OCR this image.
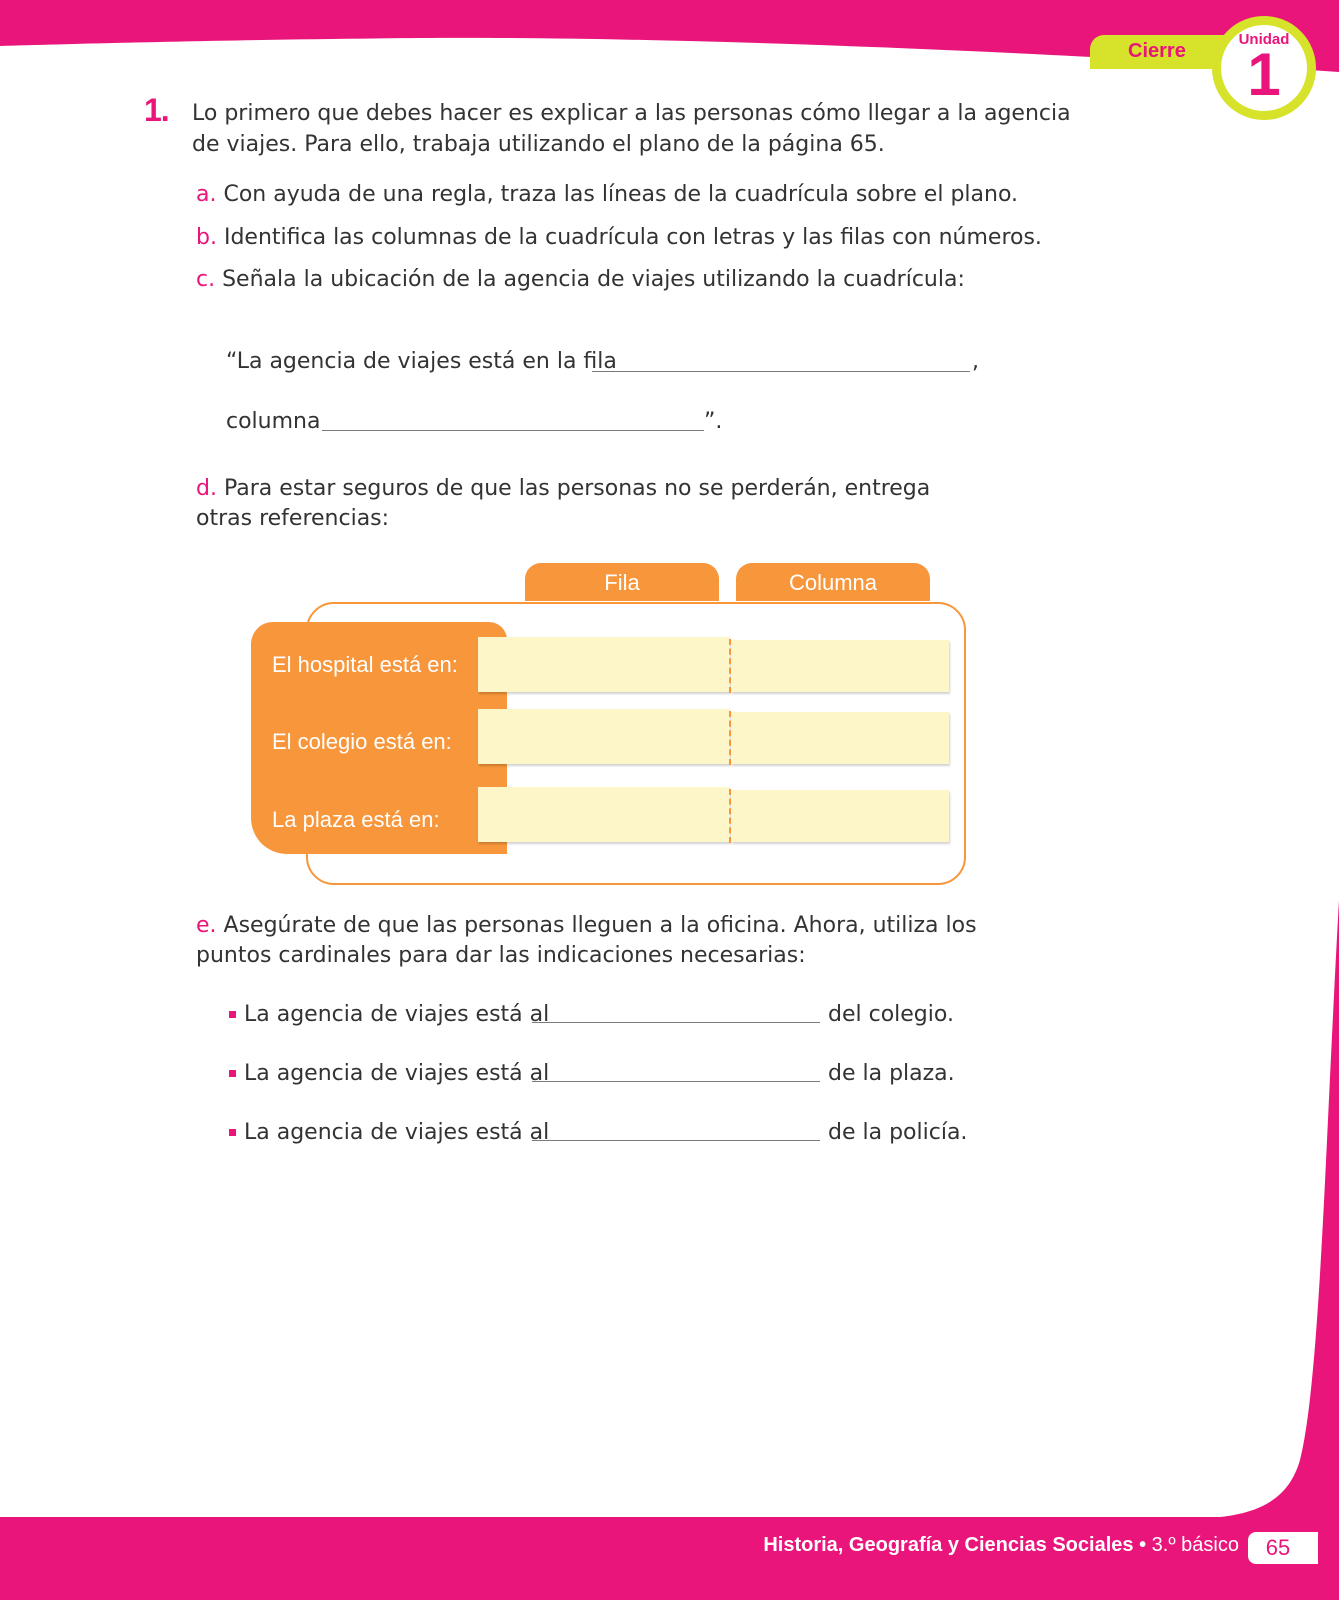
Cierre
Unidad
1
1. Lo primero que debes hacer es explicar a las personas cómo llegar a la agencia de viajes. Para ello, trabaja utilizando el plano de la página 65.
a. Con ayuda de una regla, traza las líneas de la cuadrícula sobre el plano.
b. Identifica las columnas de la cuadrícula con letras y las filas con números.
c. Señala la ubicación de la agencia de viajes utilizando la cuadrícula:
“La agencia de viajes está en la fila	,
columna	”.
d. Para estar seguros de que las personas no se perderán, entrega otras referencias:
Fila	Columna
El hospital está en:
El colegio está en:
La plaza está en:
e. Asegúrate de que las personas lleguen a la oficina. Ahora, utiliza los puntos cardinales para dar las indicaciones necesarias:
La agencia de viajes está al	del colegio.
La agencia de viajes está al	de la plaza.
La agencia de viajes está al	de la policía.
Historia, Geografía y Ciencias Sociales • 3.º básico	65
